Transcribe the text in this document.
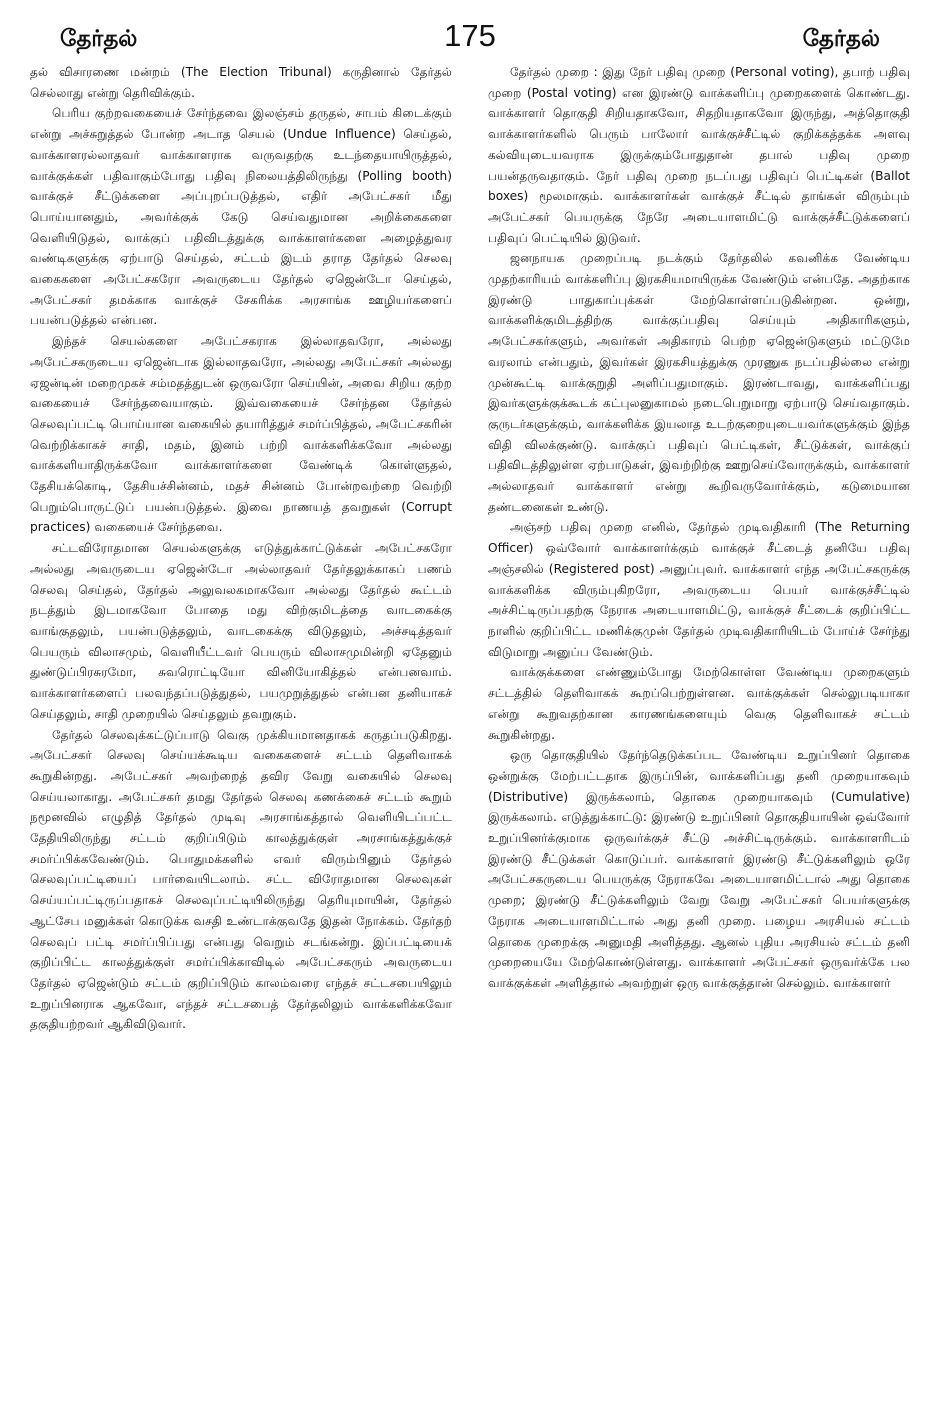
தேர்தல்	175	தேர்தல்

தல் விசாரணை மன்றம் (The Election Tribunal) கருதினால் தேர்தல் செல்லாது என்று தெரிவிக்கும்.

பெரிய குற்றவகையைச் சேர்ந்தவை இலஞ்சம் தருதல், சாபம் கிடைக்கும் என்று அச்சுறுத்தல் போன்ற அடாத செயல் (Undue Influence) செய்தல், வாக்காளரல்லாதவர் வாக்காளராக வருவதற்கு உடந்தையாயிருத்தல், வாக்குக்கள் பதிவாகும்போது பதிவு நிலையத்திலிருந்து (Polling booth) வாக்குச் சீட்டுக்களை அப்புறப்படுத்தல், எதிர் அபேட்சகர் மீது பொய்யானதும், அவர்க்குக் கேடு செய்வதுமான அறிக்கைகளை வெளியிடுதல், வாக்குப் பதிவிடத்துக்கு வாக்காளர்களை அழைத்துவர வண்டிகளுக்கு ஏற்பாடு செய்தல், சட்டம் இடம் தராத தேர்தல் செலவு வகைகளை அபேட்சகரோ அவருடைய தேர்தல் ஏஜென்டோ செய்தல், அபேட்சகர் தமக்காக வாக்குச் சேகரிக்க அரசாங்க ஊழியர்களைப் பயன்படுத்தல் என்பன.

இந்தச் செயல்களை அபேட்சகராக இல்லாதவரோ, அல்லது அபேட்சகருடைய ஏஜென்டாக இல்லாதவரோ, அல்லது அபேட்சகர் அல்லது ஏஜன்டின் மறைமுகச் சம்மதத்துடன் ஒருவரோ செய்யின், அவை சிறிய குற்ற வகையைச் சேர்ந்தவையாகும். இவ்வகையைச் சேர்ந்தன தேர்தல் செலவுப்பட்டி பொய்யான வகையில் தயாரித்துச் சமர்ப்பித்தல், அபேட்சகரின் வெற்றிக்காகச் சாதி, மதம், இனம் பற்றி வாக்களிக்கவோ அல்லது வாக்களியாதிருக்கவோ வாக்காளர்களை வேண்டிக் கொள்ளுதல், தேசியக்கொடி, தேசியச்சின்னம், மதச் சின்னம் போன்றவற்றை வெற்றி பெறும்பொருட்டுப் பயன்படுத்தல். இவை நாணயத் தவறுகள் (Corrupt practices) வகையைச் சேர்ந்தவை.

சட்டவிரோதமான செயல்களுக்கு எடுத்துக்காட்டுக்கள் அபேட்சகரோ அல்லது அவருடைய ஏஜென்டோ அல்லாதவர் தேர்தலுக்காகப் பணம் செலவு செய்தல், தேர்தல் அலுவலகமாகவோ அல்லது தேர்தல் கூட்டம் நடத்தும் இடமாகவோ போதை மது விற்குமிடத்தை வாடகைக்கு வாங்குதலும், பயன்படுத்தலும், வாடகைக்கு விடுதலும், அச்சடித்தவர் பெயரும் விலாசமும், வெளியீட்டவர் பெயரும் விலாசமுமின்றி ஏதேனும் துண்டுப்பிரசுரமோ, சுவரொட்டியோ வினியோகித்தல் என்பனவாம். வாக்காளர்களைப் பலவந்தப்படுத்துதல், பயமுறுத்துதல் என்பன தனியாகச் செய்தலும், சாதி முறையில் செய்தலும் தவறுகும்.

தேர்தல் செலவுக்கட்டுப்பாடு வெகு முக்கியமானதாகக் கருதப்படுகிறது. அபேட்சகர் செலவு செய்யக்கூடிய வகைகளைச் சட்டம் தெளிவாகக் கூறுகின்றது. அபேட்சகர் அவற்றைத் தவிர வேறு வகையில் செலவு செய்யலாகாது. அபேட்சகர் தமது தேர்தல் செலவு கணக்கைச் சட்டம் கூறும் நமூனவில் எழுதித் தேர்தல் முடிவு அரசாங்கத்தால் வெளியிடப்பட்ட தேதியிலிருந்து சட்டம் குறிப்பிடும் காலத்துக்குள் அரசாங்கத்துக்குச் சமர்ப்பிக்கவேண்டும். பொதுமக்களில் எவர் விரும்பினும் தேர்தல் செலவுப்பட்டியைப் பார்வையிடலாம். சட்ட விரோதமான செலவுகள் செய்யப்பட்டிருப்பதாகச் செலவுப்பட்டியிலிருந்து தெரியுமாயின், தேர்தல் ஆட்சேப மனுக்கள் கொடுக்க வசதி உண்டாக்குவதே இதன் நோக்கம். தேர்தற் செலவுப் பட்டி சமர்ப்பிப்பது என்பது வெறும் சடங்கன்று. இப்பட்டியைக் குறிப்பிட்ட காலத்துக்குள் சமர்ப்பிக்காவிடில் அபேட்சகரும் அவருடைய தேர்தல் ஏஜென்டும் சட்டம் குறிப்பிடும் காலம்வரை எந்தச் சட்டசபையிலும் உறுப்பினராக ஆகவோ, எந்தச் சட்டசபைத் தேர்தலிலும் வாக்களிக்கவோ தகுதியற்றவர் ஆகிவிடுவார்.

தேர்தல் முறை : இது நேர் பதிவு முறை (Personal voting), தபாற் பதிவு முறை (Postal voting) என இரண்டு வாக்களிப்பு முறைகளைக் கொண்டது. வாக்காளர் தொகுதி சிறியதாகவோ, சிதறியதாகவோ இருந்து, அத்தொகுதி வாக்காளர்களில் பெரும் பாலோர் வாக்குச்சீட்டில் குறிக்கத்தக்க அளவு கல்வியுடையவராக இருக்கும்போதுதான் தபால் பதிவு முறை பயன்தருவதாகும். நேர் பதிவு முறை நடப்பது பதிவுப் பெட்டிகள் (Ballot boxes) மூலமாகும். வாக்காளர்கள் வாக்குச் சீட்டில் தாங்கள் விரும்பும் அபேட்சகர் பெயருக்கு நேரே அடையாளமிட்டு வாக்குச்சீட்டுக்களைப் பதிவுப் பெட்டியில் இடுவர்.

ஜனநாயக முறைப்படி நடக்கும் தேர்தலில் கவனிக்க வேண்டிய முதற்காரியம் வாக்களிப்பு இரகசியமாயிருக்க வேண்டும் என்பதே. அதற்காக இரண்டு பாதுகாப்புக்கள் மேற்கொள்ளப்படுகின்றன. ஒன்று, வாக்களிக்குமிடத்திற்கு வாக்குப்பதிவு செய்யும் அதிகாரிகளும், அபேட்சகர்களும், அவர்கள் அதிகாரம் பெற்ற ஏஜென்டுகளும் மட்டுமே வரலாம் என்பதும், இவர்கள் இரகசியத்துக்கு முரணுக நடப்பதில்லை என்று முன்கூட்டி வாக்குறுதி அளிப்பதுமாகும். இரண்டாவது, வாக்களிப்பது இவர்களுக்குக்கூடக் கட்புலனுகாமல் நடைபெறுமாறு ஏற்பாடு செய்வதாகும். குருடர்களுக்கும், வாக்களிக்க இயலாத உடற்குறையுடையவர்களுக்கும் இந்த விதி விலக்குண்டு. வாக்குப் பதிவுப் பெட்டிகள், சீட்டுக்கள், வாக்குப் பதிவிடத்திலுள்ள ஏற்பாடுகள், இவற்றிற்கு ஊறுசெய்வோருக்கும், வாக்காளர் அல்லாதவர் வாக்காளர் என்று கூறிவருவோர்க்கும், கடுமையான தண்டனைகள் உண்டு.

அஞ்சற் பதிவு முறை எனில், தேர்தல் முடிவதிகாரி (The Returning Officer) ஒவ்வோர் வாக்காளர்க்கும் வாக்குச் சீட்டைத் தனியே பதிவு அஞ்சலில் (Registered post) அனுப்புவர். வாக்காளர் எந்த அபேட்சகருக்கு வாக்களிக்க விரும்புகிறரோ, அவருடைய பெயர் வாக்குச்சீட்டில் அச்சிட்டிருப்பதற்கு நேராக அடையாளமிட்டு, வாக்குச் சீட்டைக் குறிப்பிட்ட நாளில் குறிப்பிட்ட மணிக்குமுன் தேர்தல் முடிவதிகாரியிடம் போய்ச் சேர்ந்து விடுமாறு அனுப்ப வேண்டும்.

வாக்குக்களை எண்ணும்போது மேற்கொள்ள வேண்டிய முறைகளும் சட்டத்தில் தெளிவாகக் கூறப்பெற்றுள்ளன. வாக்குக்கள் செல்லுபடியாகா என்று கூறுவதற்கான காரணங்களையும் வெகு தெளிவாகச் சட்டம் கூறுகின்றது.

ஒரு தொகுதியில் தேர்ந்தெடுக்கப்பட வேண்டிய உறுப்பினர் தொகை ஒன்றுக்கு மேற்பட்டதாக இருப்பின், வாக்களிப்பது தனி முறையாகவும் (Distributive) இருக்கலாம், தொகை முறையாகவும் (Cumulative) இருக்கலாம். எடுத்துக்காட்டு: இரண்டு உறுப்பினர் தொகுதியாயின் ஒவ்வோர் உறுப்பினர்க்குமாக ஒருவர்க்குச் சீட்டு அச்சிட்டிருக்கும். வாக்காளரிடம் இரண்டு சீட்டுக்கள் கொடுப்பர். வாக்காளர் இரண்டு சீட்டுக்களிலும் ஒரே அபேட்சகருடைய பெயருக்கு நேராகவே அடையாளமிட்டால் அது தொகை முறை; இரண்டு சீட்டுக்களிலும் வேறு வேறு அபேட்சகர் பெயர்களுக்கு நேராக அடையாளமிட்டால் அது தனி முறை. பழைய அரசியல் சட்டம் தொகை முறைக்கு அனுமதி அளித்தது. ஆனல் புதிய அரசியல் சட்டம் தனி முறையையே மேற்கொண்டுள்ளது. வாக்காளர் அபேட்சகர் ஒருவர்க்கே பல வாக்குக்கள் அளித்தால் அவற்றுள் ஒரு வாக்குத்தான் செல்லும். வாக்காளர்
